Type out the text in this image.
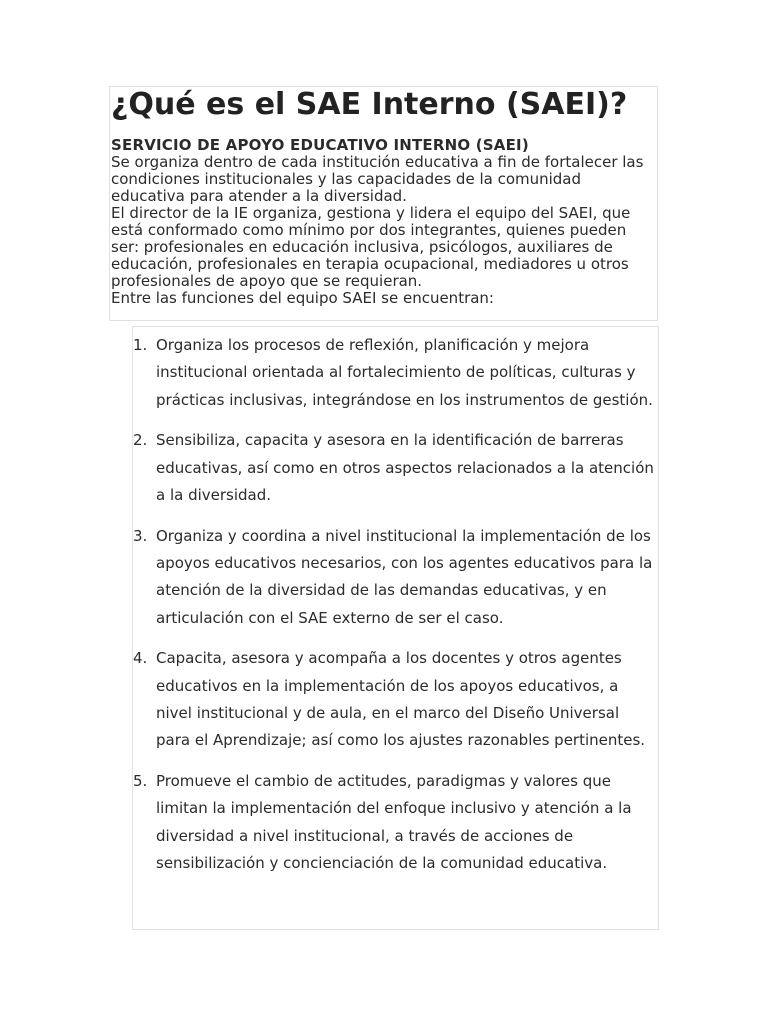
¿Qué es el SAE Interno (SAEI)?
SERVICIO DE APOYO EDUCATIVO INTERNO (SAEI)
Se organiza dentro de cada institución educativa a fin de fortalecer las condiciones institucionales y las capacidades de la comunidad educativa para atender a la diversidad.
El director de la IE organiza, gestiona y lidera el equipo del SAEI, que está conformado como mínimo por dos integrantes, quienes pueden ser: profesionales en educación inclusiva, psicólogos, auxiliares de educación, profesionales en terapia ocupacional, mediadores u otros profesionales de apoyo que se requieran.
Entre las funciones del equipo SAEI se encuentran:
1. Organiza los procesos de reflexión, planificación y mejora institucional orientada al fortalecimiento de políticas, culturas y prácticas inclusivas, integrándose en los instrumentos de gestión.
2. Sensibiliza, capacita y asesora en la identificación de barreras educativas, así como en otros aspectos relacionados a la atención a la diversidad.
3. Organiza y coordina a nivel institucional la implementación de los apoyos educativos necesarios, con los agentes educativos para la atención de la diversidad de las demandas educativas, y en articulación con el SAE externo de ser el caso.
4. Capacita, asesora y acompaña a los docentes y otros agentes educativos en la implementación de los apoyos educativos, a nivel institucional y de aula, en el marco del Diseño Universal para el Aprendizaje; así como los ajustes razonables pertinentes.
5. Promueve el cambio de actitudes, paradigmas y valores que limitan la implementación del enfoque inclusivo y atención a la diversidad a nivel institucional, a través de acciones de sensibilización y concienciación de la comunidad educativa.
